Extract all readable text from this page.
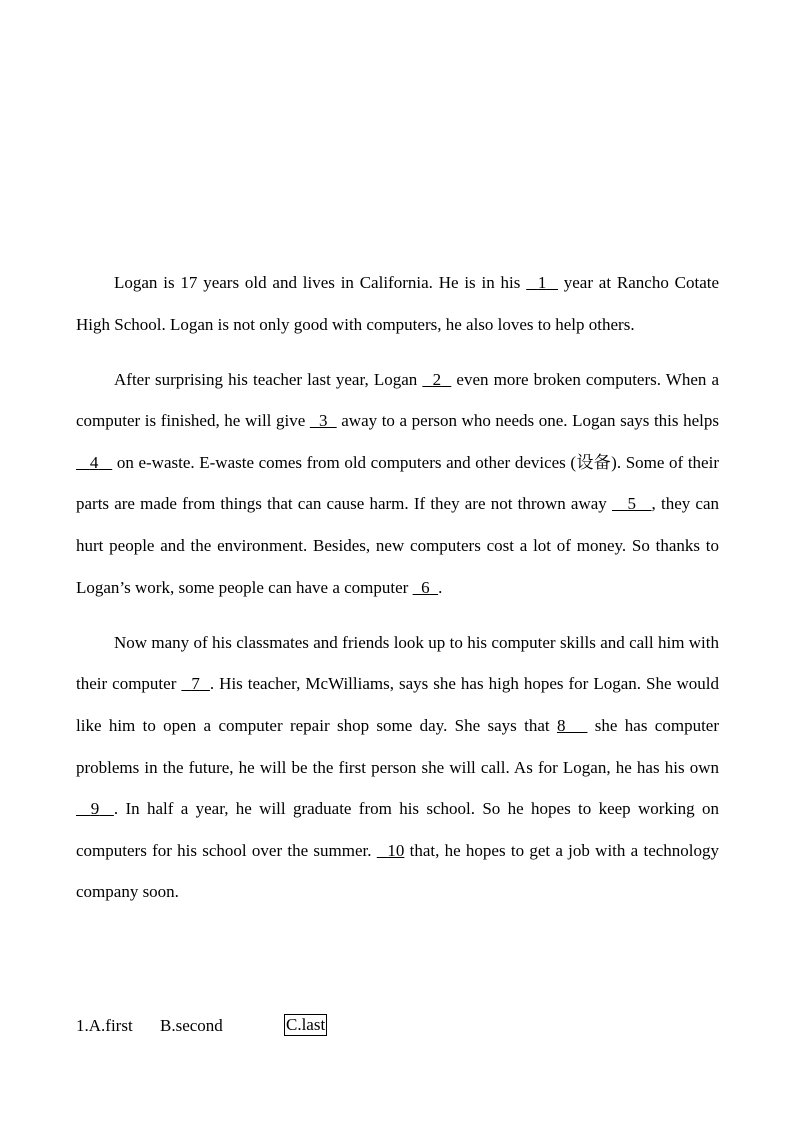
Logan is 17 years old and lives in California. He is in his   1   year at Rancho Cotate High School. Logan is not only good with computers, he also loves to help others.

After surprising his teacher last year, Logan   2   even more broken computers. When a computer is finished, he will give   3   away to a person who needs one. Logan says this helps    4    on e-waste. E-waste comes from old computers and other devices (设备). Some of their parts are made from things that can cause harm. If they are not thrown away    5 , they can hurt people and the environment. Besides, new computers cost a lot of money. So thanks to Logan’s work, some people can have a computer   6 .

Now many of his classmates and friends look up to his computer skills and call him with their computer   7 . His teacher, McWilliams, says she has high hopes for Logan. She would like him to open a computer repair shop some day. She says that 8    she has computer problems in the future, he will be the first person she will call. As for Logan, he has his own   9 . In half a year, he will graduate from his school. So he hopes to keep working on computers for his school over the summer.   10 that, he hopes to get a job with a technology company soon.

1.A.first B.second	C.last
